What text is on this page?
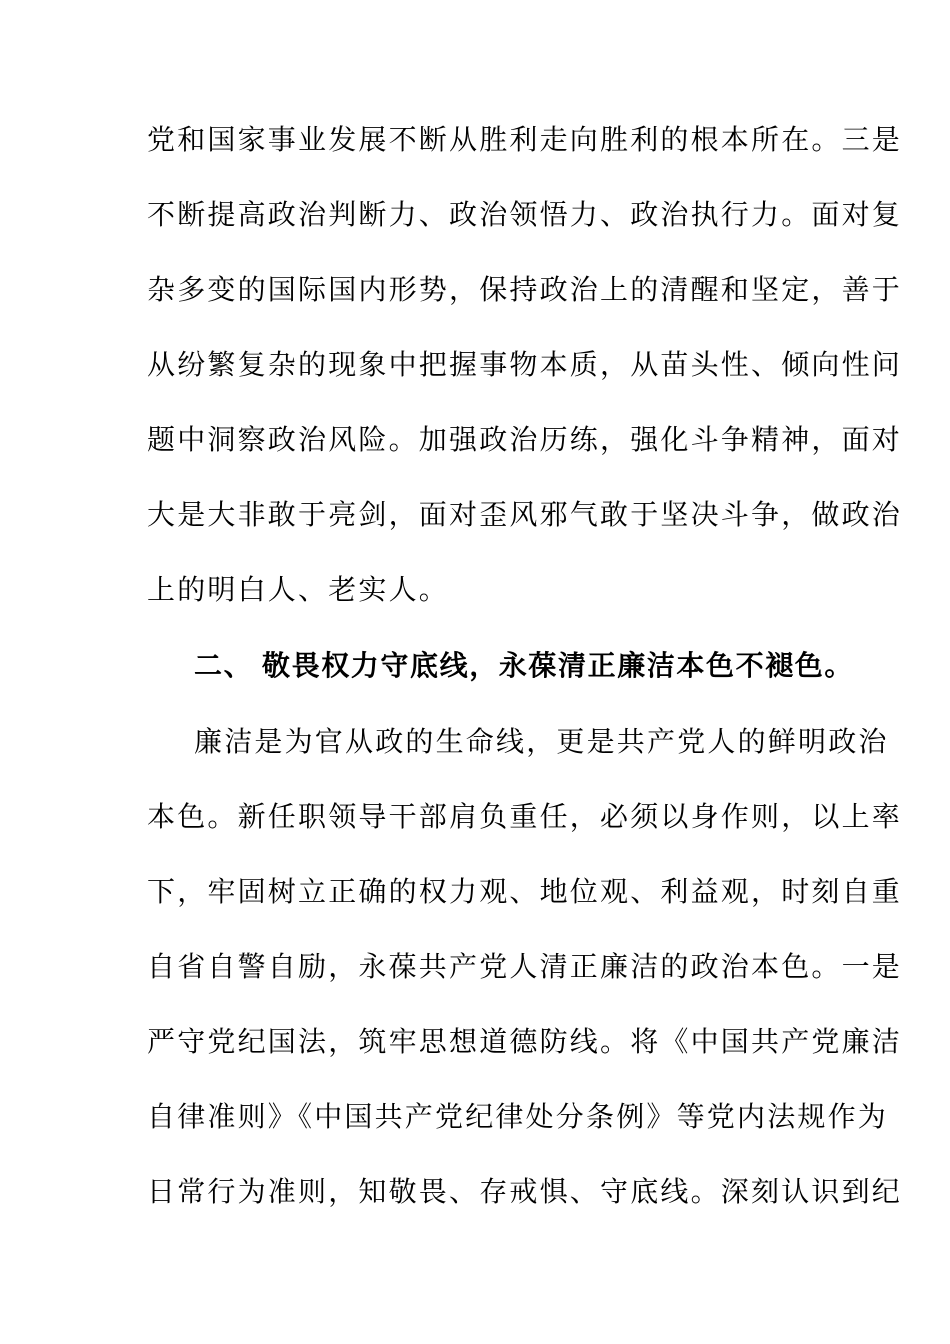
党和国家事业发展不断从胜利走向胜利的根本所在。三是
不断提高政治判断力、政治领悟力、政治执行力。面对复
杂多变的国际国内形势，保持政治上的清醒和坚定，善于
从纷繁复杂的现象中把握事物本质，从苗头性、倾向性问
题中洞察政治风险。加强政治历练，强化斗争精神，面对
大是大非敢于亮剑，面对歪风邪气敢于坚决斗争，做政治
上的明白人、老实人。
二、 敬畏权力守底线，永葆清正廉洁本色不褪色。
廉洁是为官从政的生命线，更是共产党人的鲜明政治
本色。新任职领导干部肩负重任，必须以身作则，以上率
下，牢固树立正确的权力观、地位观、利益观，时刻自重
自省自警自励，永葆共产党人清正廉洁的政治本色。一是
严守党纪国法，筑牢思想道德防线。将《中国共产党廉洁
自律准则》《中国共产党纪律处分条例》等党内法规作为
日常行为准则，知敬畏、存戒惧、守底线。深刻认识到纪
